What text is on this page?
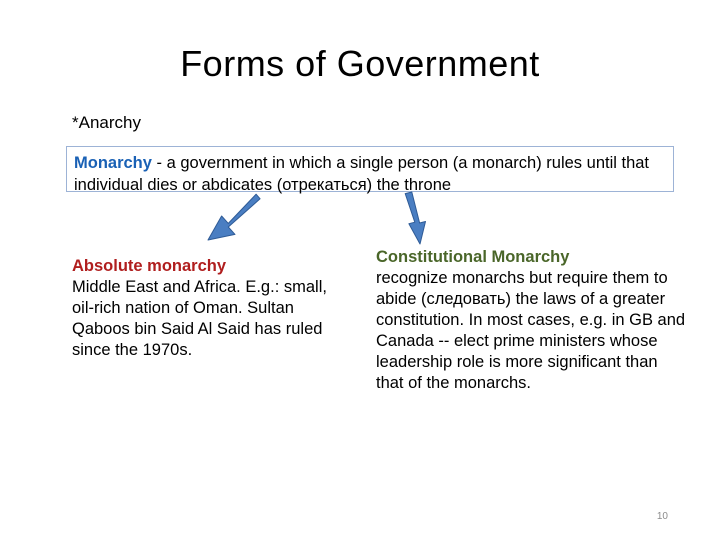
Forms of Government
*Anarchy
Monarchy - a government in which a single person (a monarch) rules until that individual dies or abdicates (отрекаться) the throne
Absolute monarchy
Middle East and Africa. E.g.: small, oil-rich nation of Oman. Sultan Qaboos bin Said Al Said has ruled since the 1970s.
Constitutional Monarchy
recognize monarchs but require them to abide (следовать) the laws of a greater constitution. In most cases, e.g. in GB and Canada -- elect prime ministers whose leadership role is more significant than that of the monarchs.
10
